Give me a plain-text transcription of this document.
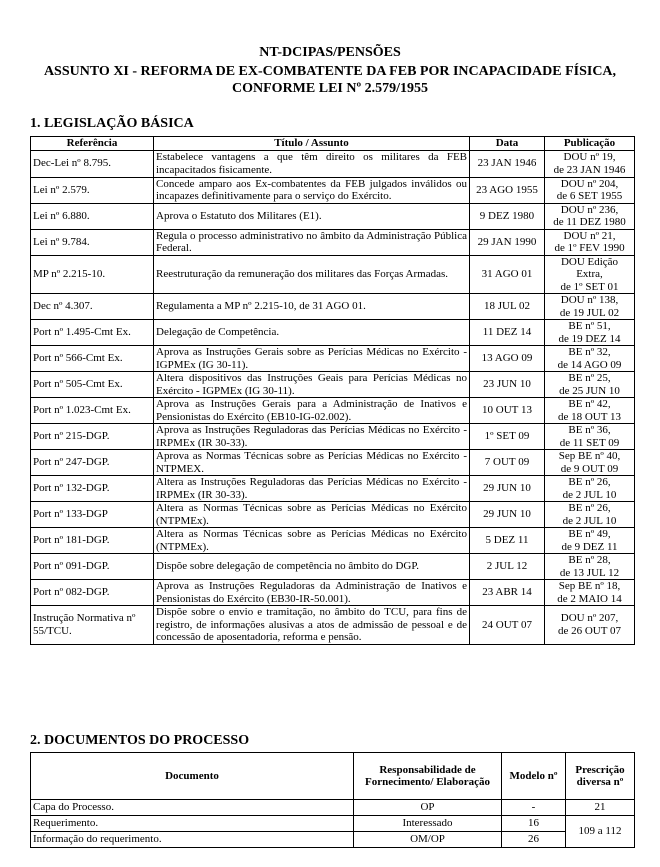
NT-DCIPAS/PENSÕES
ASSUNTO XI - REFORMA DE EX-COMBATENTE DA FEB POR INCAPACIDADE FÍSICA,
CONFORME LEI Nº 2.579/1955
1. LEGISLAÇÃO BÁSICA
Referência	Título / Assunto	Data	Publicação
Dec-Lei nº 8.795.	Estabelece vantagens a que têm direito os militares da FEB incapacitados fisicamente.	23 JAN 1946	DOU nº 19,
de 23 JAN 1946

Lei nº 2.579.	Concede amparo aos Ex-combatentes da FEB julgados inválidos ou incapazes definitivamente para o serviço do Exército.	23 AGO 1955	DOU nº 204,
de 6 SET 1955

Lei nº 6.880.	Aprova o Estatuto dos Militares (E1).	9 DEZ 1980	DOU nº 236,
de 11 DEZ 1980

Lei nº 9.784.	Regula o processo administrativo no âmbito da Administração Pública Federal.	29 JAN 1990	DOU nº 21,
de 1º FEV 1990

MP nº 2.215-10.	Reestruturação da remuneração dos militares das Forças Armadas.	31 AGO 01	DOU Edição Extra,
de 1º SET 01

Dec nº 4.307.	Regulamenta a MP nº 2.215-10, de 31 AGO 01.	18 JUL 02	DOU nº 138,
de 19 JUL 02

Port nº 1.495-Cmt Ex.	Delegação de Competência.	11 DEZ 14	BE nº 51,
de 19 DEZ 14

Port nº 566-Cmt Ex.	Aprova as Instruções Gerais sobre as Perícias Médicas no Exército - IGPMEx (IG 30-11).	13 AGO 09	BE nº 32,
de 14 AGO 09

Port nº 505-Cmt Ex.	Altera dispositivos das Instruções Geais para Perícias Médicas no Exército - IGPMEx (IG 30-11).	23 JUN 10	BE nº 25,
de 25 JUN 10

Port nº 1.023-Cmt Ex.	Aprova as Instruções Gerais para a Administração de Inativos e Pensionistas do Exército (EB10-IG-02.002).	10 OUT 13	BE nº 42,
de 18 OUT 13

Port nº 215-DGP.	Aprova as Instruções Reguladoras das Perícias Médicas no Exército - IRPMEx (IR 30-33).	1º SET 09	BE nº 36,
de 11 SET 09

Port nº 247-DGP.	Aprova as Normas Técnicas sobre as Perícias Médicas no Exército - NTPMEX.	7 OUT 09	Sep BE nº 40,
de 9 OUT 09

Port nº 132-DGP.	Altera as Instruções Reguladoras das Perícias Médicas no Exército - IRPMEx (IR 30-33).	29 JUN 10	BE nº 26,
de 2 JUL 10

Port nº 133-DGP	Altera as Normas Técnicas sobre as Perícias Médicas no Exército (NTPMEx).	29 JUN 10	BE nº 26,
de 2 JUL 10

Port nº 181-DGP.	Altera as Normas Técnicas sobre as Perícias Médicas no Exército (NTPMEx).	5 DEZ 11	BE nº 49,
de 9 DEZ 11

Port nº 091-DGP.	Dispõe sobre delegação de competência no âmbito do DGP.	2 JUL 12	BE nº 28,
de 13 JUL 12

Port nº 082-DGP.	Aprova as Instruções Reguladoras da Administração de Inativos e Pensionistas do Exército (EB30-IR-50.001).	23 ABR 14	Sep BE nº 18,
de 2 MAIO 14

Instrução Normativa nº 55/TCU.	Dispõe sobre o envio e tramitação, no âmbito do TCU, para fins de registro, de informações alusivas a atos de admissão de pessoal e de concessão de aposentadoria, reforma e pensão.	24 OUT 07	DOU nº 207,
de 26 OUT 07
2. DOCUMENTOS DO PROCESSO
Documento	Responsabilidade de Fornecimento/ Elaboração	Modelo nº	Prescrição diversa nº
Capa do Processo.	OP	-	21
Requerimento.	Interessado	16	109 a 112
Informação do requerimento.	OM/OP	26	
